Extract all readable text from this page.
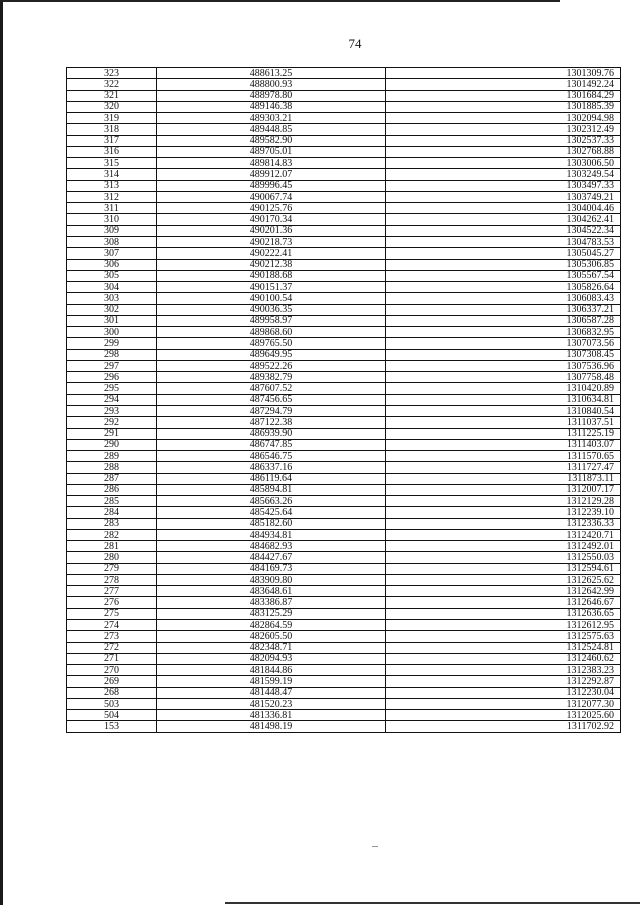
74
323	488613.25	1301309.76
322	488800.93	1301492.24
321	488978.80	1301684.29
320	489146.38	1301885.39
319	489303.21	1302094.98
318	489448.85	1302312.49
317	489582.90	1302537.33
316	489705.01	1302768.88
315	489814.83	1303006.50
314	489912.07	1303249.54
313	489996.45	1303497.33
312	490067.74	1303749.21
311	490125.76	1304004.46
310	490170.34	1304262.41
309	490201.36	1304522.34
308	490218.73	1304783.53
307	490222.41	1305045.27
306	490212.38	1305306.85
305	490188.68	1305567.54
304	490151.37	1305826.64
303	490100.54	1306083.43
302	490036.35	1306337.21
301	489958.97	1306587.28
300	489868.60	1306832.95
299	489765.50	1307073.56
298	489649.95	1307308.45
297	489522.26	1307536.96
296	489382.79	1307758.48
295	487607.52	1310420.89
294	487456.65	1310634.81
293	487294.79	1310840.54
292	487122.38	1311037.51
291	486939.90	1311225.19
290	486747.85	1311403.07
289	486546.75	1311570.65
288	486337.16	1311727.47
287	486119.64	1311873.11
286	485894.81	1312007.17
285	485663.26	1312129.28
284	485425.64	1312239.10
283	485182.60	1312336.33
282	484934.81	1312420.71
281	484682.93	1312492.01
280	484427.67	1312550.03
279	484169.73	1312594.61
278	483909.80	1312625.62
277	483648.61	1312642.99
276	483386.87	1312646.67
275	483125.29	1312636.65
274	482864.59	1312612.95
273	482605.50	1312575.63
272	482348.71	1312524.81
271	482094.93	1312460.62
270	481844.86	1312383.23
269	481599.19	1312292.87
268	481448.47	1312230.04
503	481520.23	1312077.30
504	481336.81	1312025.60
153	481498.19	1311702.92
